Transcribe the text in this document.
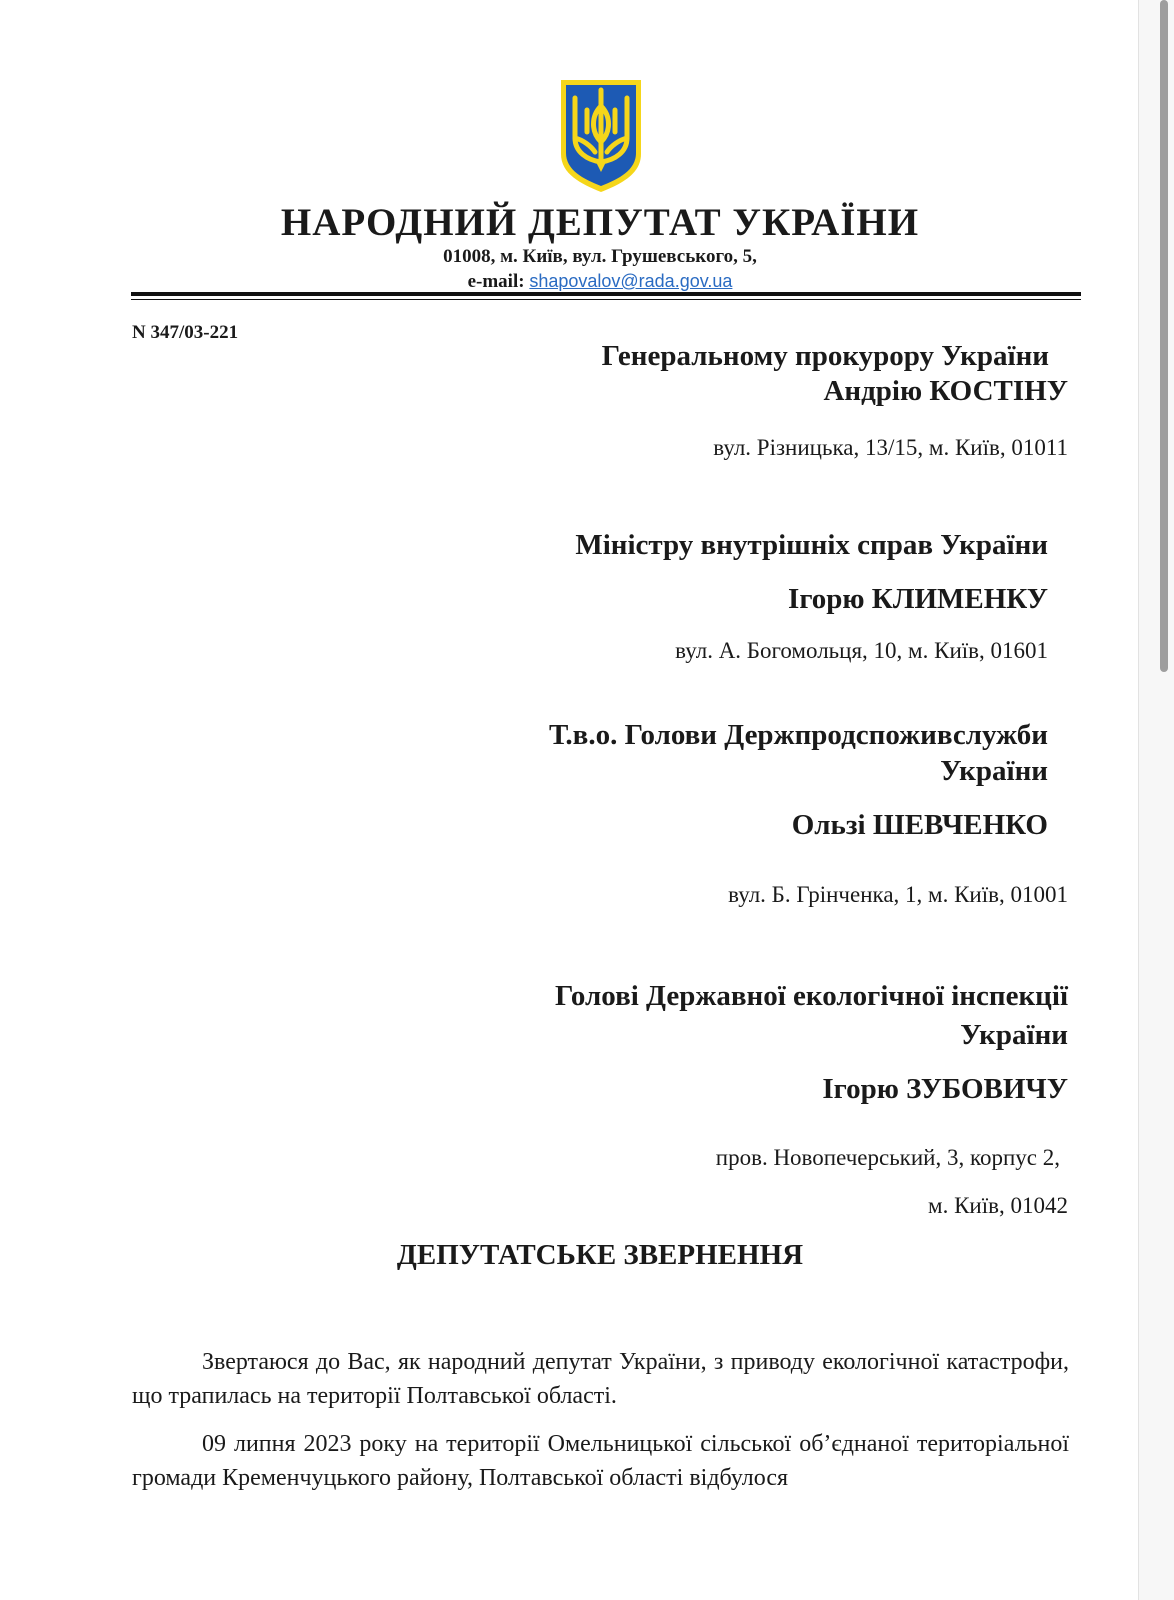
НАРОДНИЙ ДЕПУТАТ УКРАЇНИ
01008, м. Київ, вул. Грушевського, 5,
e-mail: shapovalov@rada.gov.ua
N 347/03-221
Генеральному прокурору України
Андрію КОСТІНУ
вул. Різницька, 13/15, м. Київ, 01011
Міністру внутрішніх справ України
Ігорю КЛИМЕНКУ
вул. А. Богомольця, 10, м. Київ, 01601
Т.в.о. Голови Держпродспоживслужби
України
Ользі ШЕВЧЕНКО
вул. Б. Грінченка, 1, м. Київ, 01001
Голові Державної екологічної інспекції
України
Ігорю ЗУБОВИЧУ
пров. Новопечерський, 3, корпус 2,
м. Київ, 01042
ДЕПУТАТСЬКЕ ЗВЕРНЕННЯ

Звертаюся до Вас, як народний депутат України, з приводу екологічної катастрофи, що трапилась на території Полтавської області.

09 липня 2023 року на території Омельницької сільської об’єднаної територіальної громади Кременчуцького району, Полтавської області відбулося
